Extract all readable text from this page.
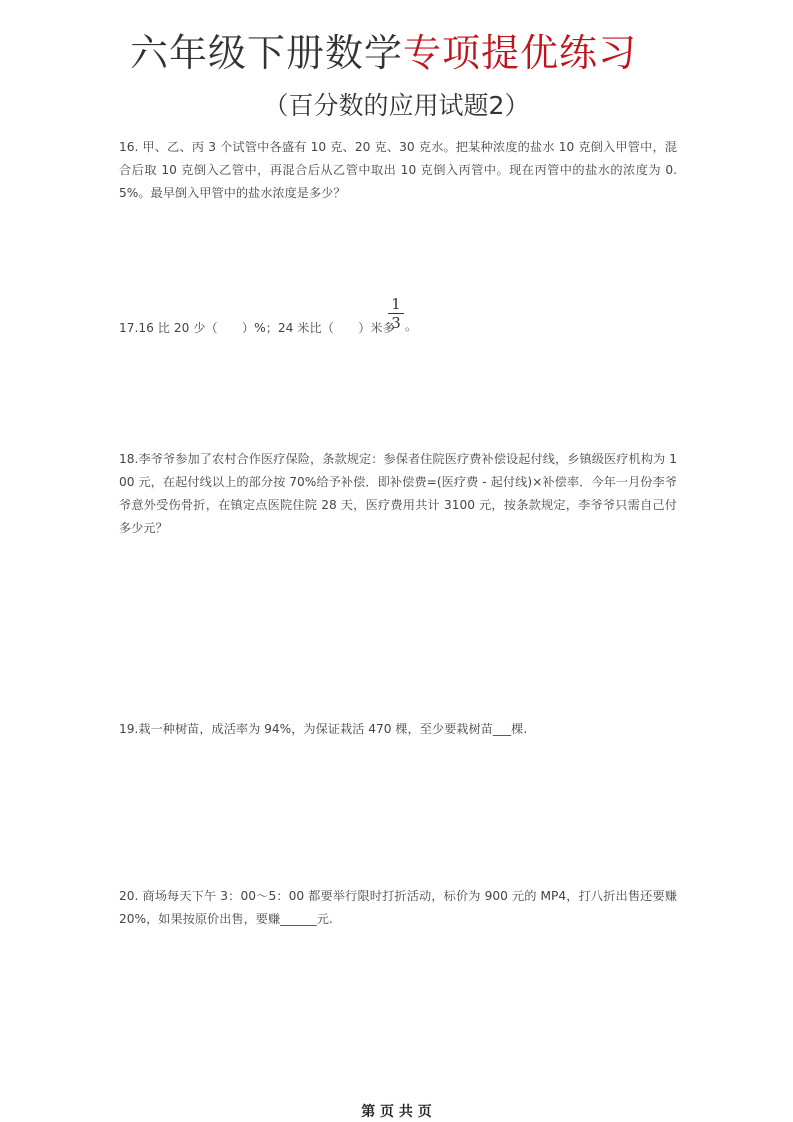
六年级下册数学专项提优练习
（百分数的应用试题2）
16. 甲、乙、丙 3 个试管中各盛有 10 克、20 克、30 克水。把某种浓度的盐水 10 克倒入甲管中，混合后取 10 克倒入乙管中，再混合后从乙管中取出 10 克倒入丙管中。现在丙管中的盐水的浓度为 0.5%。最早倒入甲管中的盐水浓度是多少？
17.16 比 20 少（　　）%；24 米比（　　）米多
1
3 。
18.李爷爷参加了农村合作医疗保险，条款规定：参保者住院医疗费补偿设起付线，乡镇级医疗机构为 100 元，在起付线以上的部分按 70%给予补偿．即补偿费=(医疗费 - 起付线)×补偿率．今年一月份李爷爷意外受伤骨折，在镇定点医院住院 28 天，医疗费用共计 3100 元，按条款规定，李爷爷只需自己付多少元？
19.栽一种树苗，成活率为 94%，为保证栽活 470 棵，至少要栽树苗___棵.
20. 商场每天下午 3：00～5：00 都要举行限时打折活动，标价为 900 元的 MP4，打八折出售还要赚 20%，如果按原价出售，要赚______元.
第 页 共 页
